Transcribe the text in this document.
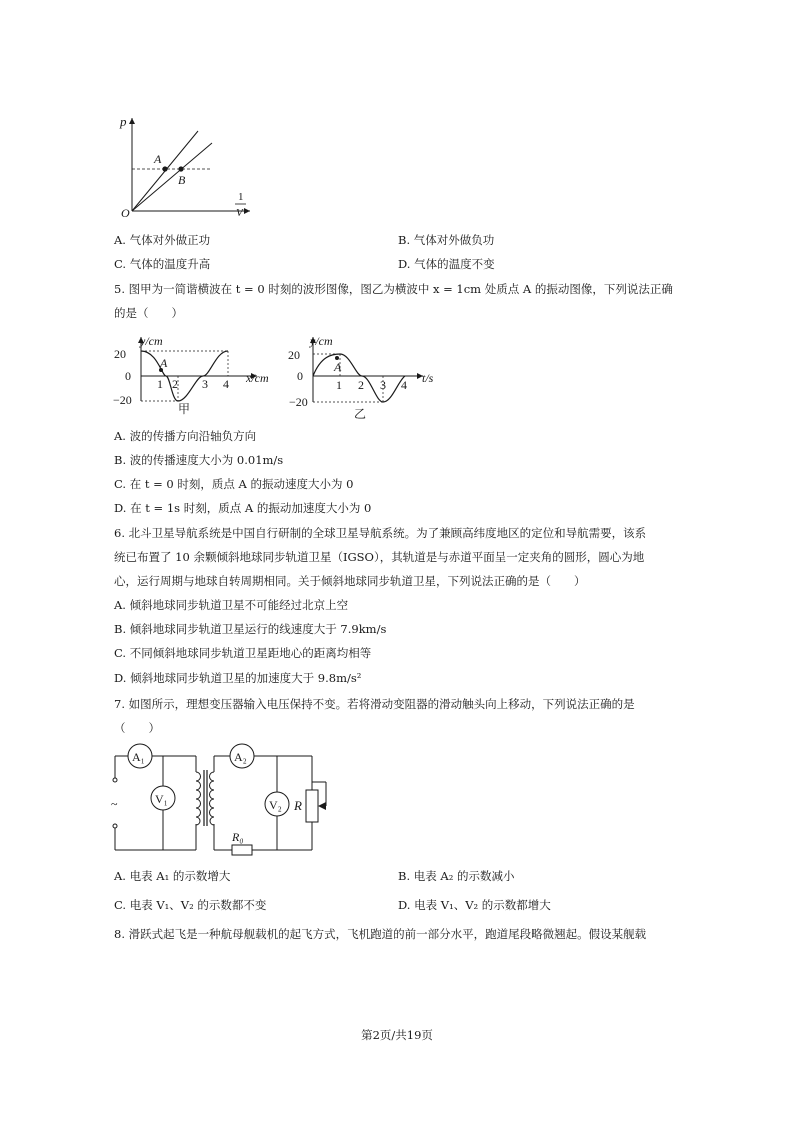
p
A
B
O
1
V
A. 气体对外做正功	B. 气体对外做负功
C. 气体的温度升高	D. 气体的温度不变
5. 图甲为一简谐横波在 t = 0 时刻的波形图像，图乙为横波中 x = 1cm 处质点 A 的振动图像，下列说法正确
的是（　　）
20
0
−20
y/cm
A
1 2 3 4 x/cm
甲
20
0
−20
y/cm
A
1 2 3 4 t/s
乙
A. 波的传播方向沿轴负方向
B. 波的传播速度大小为 0.01m/s
C. 在 t = 0 时刻，质点 A 的振动速度大小为 0
D. 在 t = 1s 时刻，质点 A 的振动加速度大小为 0
6. 北斗卫星导航系统是中国自行研制的全球卫星导航系统。为了兼顾高纬度地区的定位和导航需要，该系
统已布置了 10 余颗倾斜地球同步轨道卫星（IGSO），其轨道是与赤道平面呈一定夹角的圆形，圆心为地
心，运行周期与地球自转周期相同。关于倾斜地球同步轨道卫星，下列说法正确的是（　　）
A. 倾斜地球同步轨道卫星不可能经过北京上空
B. 倾斜地球同步轨道卫星运行的线速度大于 7.9km/s
C. 不同倾斜地球同步轨道卫星距地心的距离均相等
D. 倾斜地球同步轨道卫星的加速度大于 9.8m/s²
7. 如图所示，理想变压器输入电压保持不变。若将滑动变阻器的滑动触头向上移动，下列说法正确的是
（　　）
~
A₁
V₁
A₂
V₂ R
R₀
A. 电表 A₁ 的示数增大	B. 电表 A₂ 的示数减小
C. 电表 V₁、V₂ 的示数都不变	D. 电表 V₁、V₂ 的示数都增大
8. 滑跃式起飞是一种航母舰载机的起飞方式，飞机跑道的前一部分水平，跑道尾段略微翘起。假设某舰载
第2页/共19页
